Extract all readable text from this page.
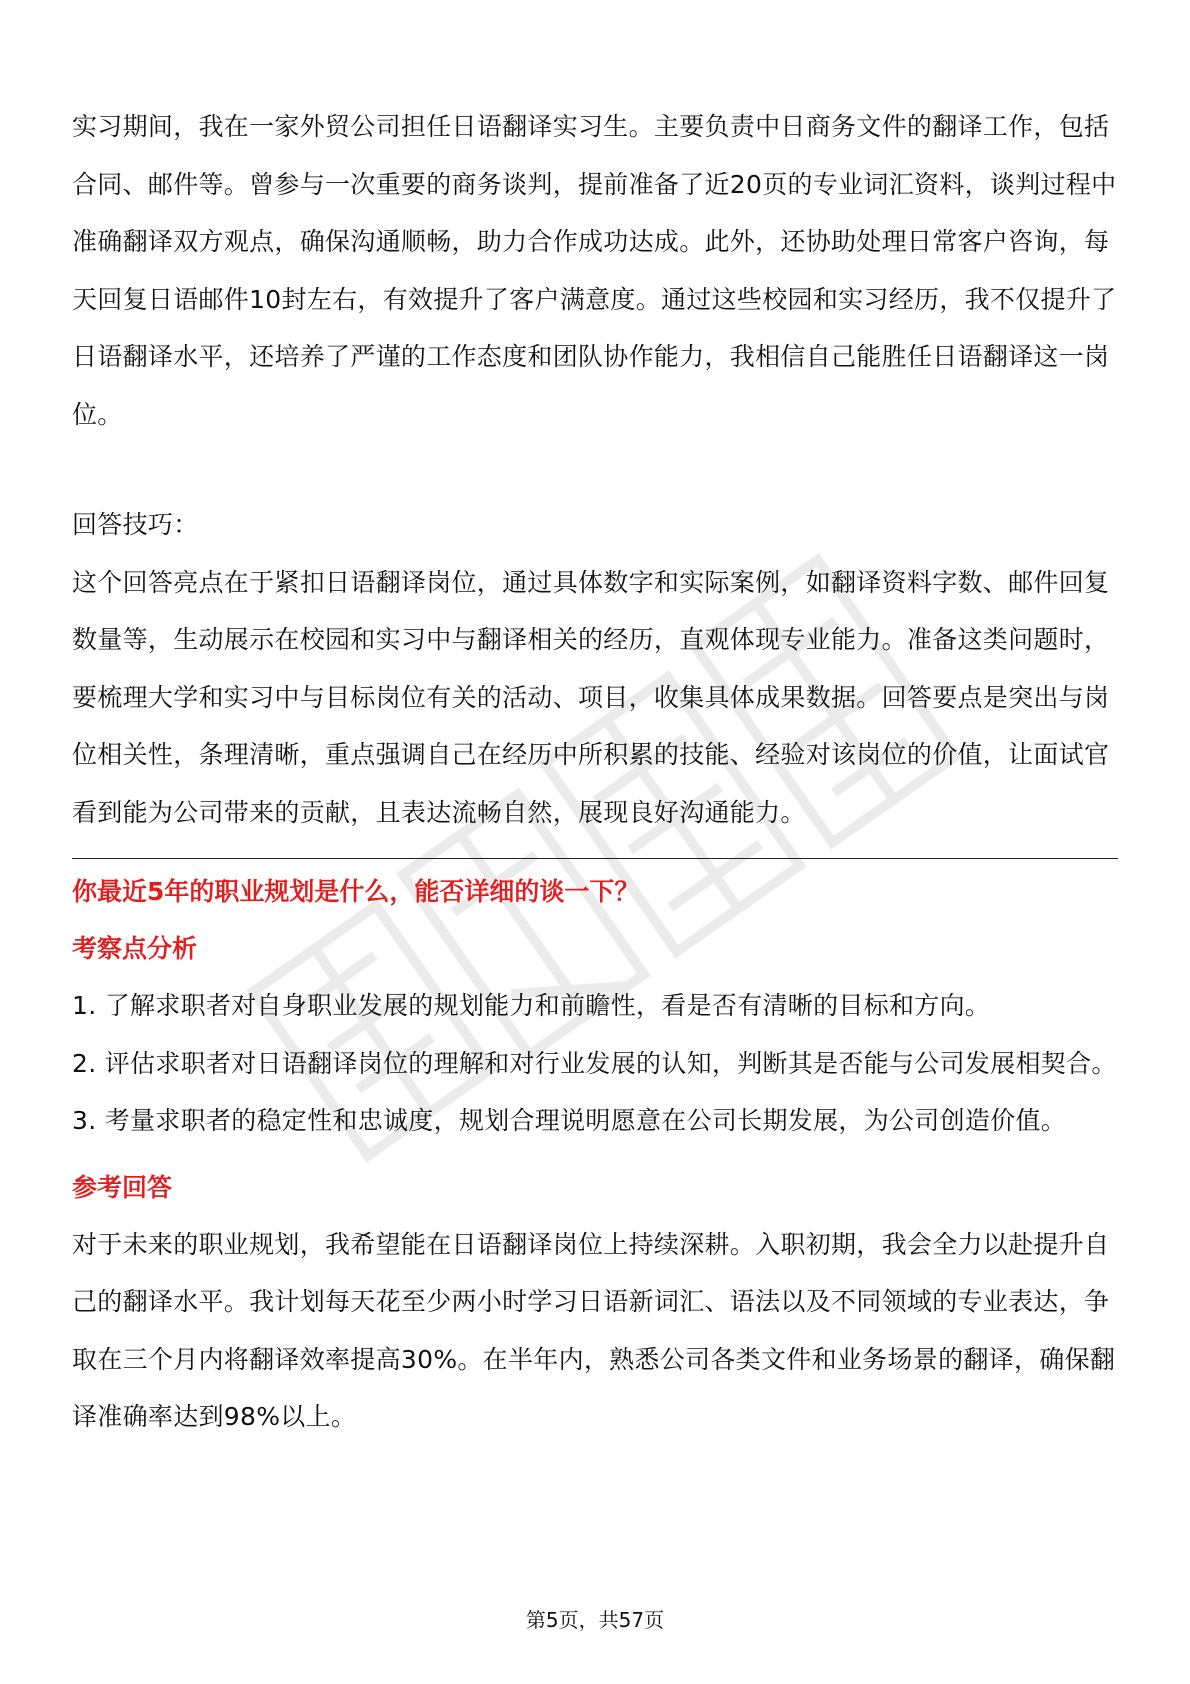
实习期间，我在一家外贸公司担任日语翻译实习生。主要负责中日商务文件的翻译工作，包括合同、邮件等。曾参与一次重要的商务谈判，提前准备了近20页的专业词汇资料，谈判过程中准确翻译双方观点，确保沟通顺畅，助力合作成功达成。此外，还协助处理日常客户咨询，每天回复日语邮件10封左右，有效提升了客户满意度。通过这些校园和实习经历，我不仅提升了日语翻译水平，还培养了严谨的工作态度和团队协作能力，我相信自己能胜任日语翻译这一岗位。

回答技巧：

这个回答亮点在于紧扣日语翻译岗位，通过具体数字和实际案例，如翻译资料字数、邮件回复数量等，生动展示在校园和实习中与翻译相关的经历，直观体现专业能力。准备这类问题时，要梳理大学和实习中与目标岗位有关的活动、项目，收集具体成果数据。回答要点是突出与岗位相关性，条理清晰，重点强调自己在经历中所积累的技能、经验对该岗位的价值，让面试官看到能为公司带来的贡献，且表达流畅自然，展现良好沟通能力。

你最近5年的职业规划是什么，能否详细的谈一下？

考察点分析

1. 了解求职者对自身职业发展的规划能力和前瞻性，看是否有清晰的目标和方向。

2. 评估求职者对日语翻译岗位的理解和对行业发展的认知，判断其是否能与公司发展相契合。

3. 考量求职者的稳定性和忠诚度，规划合理说明愿意在公司长期发展，为公司创造价值。

参考回答

对于未来的职业规划，我希望能在日语翻译岗位上持续深耕。入职初期，我会全力以赴提升自己的翻译水平。我计划每天花至少两小时学习日语新词汇、语法以及不同领域的专业表达，争取在三个月内将翻译效率提高30%。在半年内，熟悉公司各类文件和业务场景的翻译，确保翻译准确率达到98%以上。

第5页，共57页
